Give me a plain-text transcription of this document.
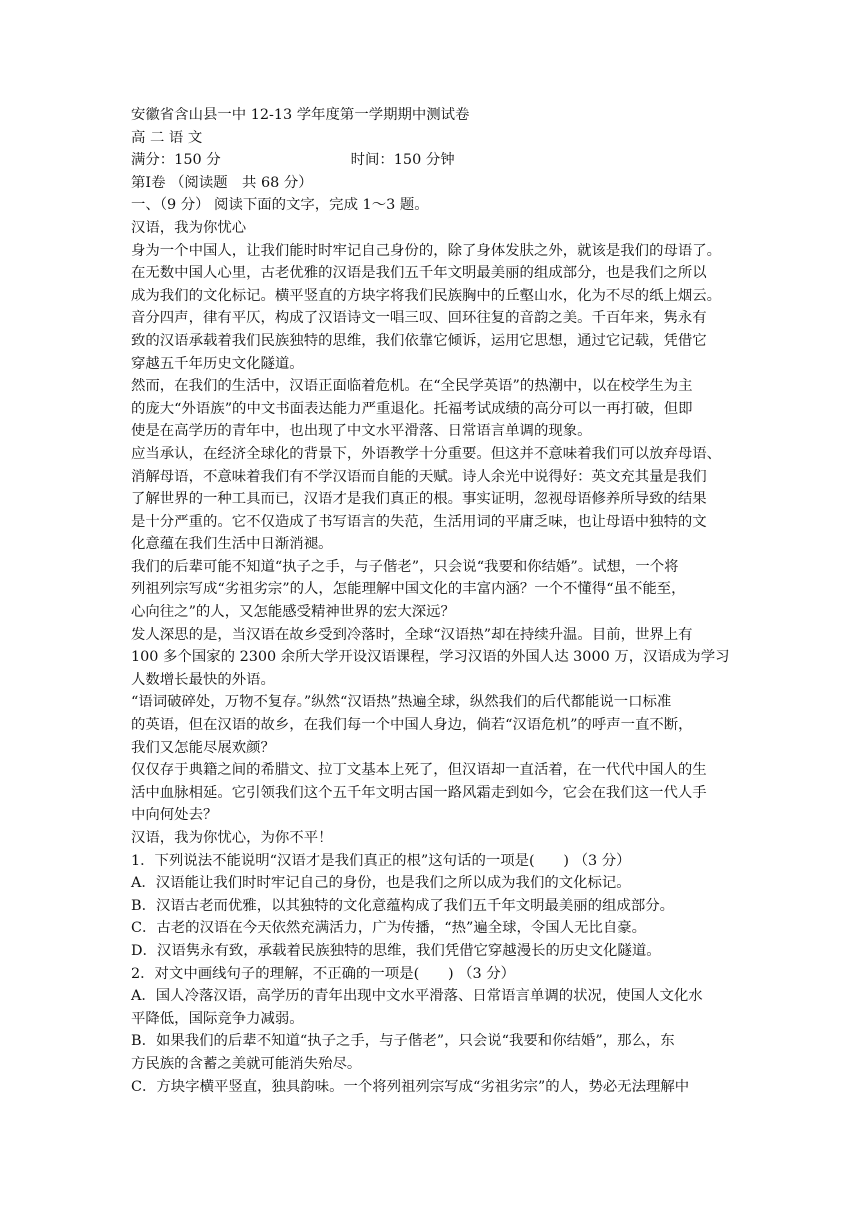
安徽省含山县一中 12-13 学年度第一学期期中测试卷
高 二 语 文
满分：150 分	时间：150 分钟
第Ⅰ卷 （阅读题　共 68 分）
一、（9 分） 阅读下面的文字，完成 1～3 题。
汉语，我为你忧心
身为一个中国人，让我们能时时牢记自己身份的，除了身体发肤之外，就该是我们的母语了。
在无数中国人心里，古老优雅的汉语是我们五千年文明最美丽的组成部分，也是我们之所以
成为我们的文化标记。横平竖直的方块字将我们民族胸中的丘壑山水，化为不尽的纸上烟云。
音分四声，律有平仄，构成了汉语诗文一唱三叹、回环往复的音韵之美。千百年来，隽永有
致的汉语承载着我们民族独特的思维，我们依靠它倾诉，运用它思想，通过它记载，凭借它
穿越五千年历史文化隧道。
然而，在我们的生活中，汉语正面临着危机。在“全民学英语”的热潮中，以在校学生为主
的庞大“外语族”的中文书面表达能力严重退化。托福考试成绩的高分可以一再打破，但即
使是在高学历的青年中，也出现了中文水平滑落、日常语言单调的现象。
应当承认，在经济全球化的背景下，外语教学十分重要。但这并不意味着我们可以放弃母语、
消解母语，不意味着我们有不学汉语而自能的天赋。诗人余光中说得好：英文充其量是我们
了解世界的一种工具而已，汉语才是我们真正的根。事实证明，忽视母语修养所导致的结果
是十分严重的。它不仅造成了书写语言的失范，生活用词的平庸乏味，也让母语中独特的文
化意蕴在我们生活中日渐消褪。
我们的后辈可能不知道“执子之手，与子偕老”，只会说“我要和你结婚”。试想，一个将
列祖列宗写成“劣祖劣宗”的人，怎能理解中国文化的丰富内涵？一个不懂得“虽不能至，
心向往之”的人，又怎能感受精神世界的宏大深远？
发人深思的是，当汉语在故乡受到冷落时，全球“汉语热”却在持续升温。目前，世界上有
100 多个国家的 2300 余所大学开设汉语课程，学习汉语的外国人达 3000 万，汉语成为学习
人数增长最快的外语。
“语词破碎处，万物不复存。”纵然“汉语热”热遍全球，纵然我们的后代都能说一口标准
的英语，但在汉语的故乡，在我们每一个中国人身边，倘若“汉语危机”的呼声一直不断，
我们又怎能尽展欢颜？
仅仅存于典籍之间的希腊文、拉丁文基本上死了，但汉语却一直活着，在一代代中国人的生
活中血脉相延。它引领我们这个五千年文明古国一路风霜走到如今，它会在我们这一代人手
中向何处去？
汉语，我为你忧心，为你不平！
1．下列说法不能说明“汉语才是我们真正的根”这句话的一项是(　　) （3 分）
A．汉语能让我们时时牢记自己的身份，也是我们之所以成为我们的文化标记。
B．汉语古老而优雅，以其独特的文化意蕴构成了我们五千年文明最美丽的组成部分。
C．古老的汉语在今天依然充满活力，广为传播，“热”遍全球，令国人无比自豪。
D．汉语隽永有致，承载着民族独特的思维，我们凭借它穿越漫长的历史文化隧道。
2．对文中画线句子的理解，不正确的一项是(　　) （3 分）
A．国人冷落汉语，高学历的青年出现中文水平滑落、日常语言单调的状况，使国人文化水
平降低，国际竞争力减弱。
B．如果我们的后辈不知道“执子之手，与子偕老”，只会说“我要和你结婚”，那么，东
方民族的含蓄之美就可能消失殆尽。
C．方块字横平竖直，独具韵味。一个将列祖列宗写成“劣祖劣宗”的人，势必无法理解中
